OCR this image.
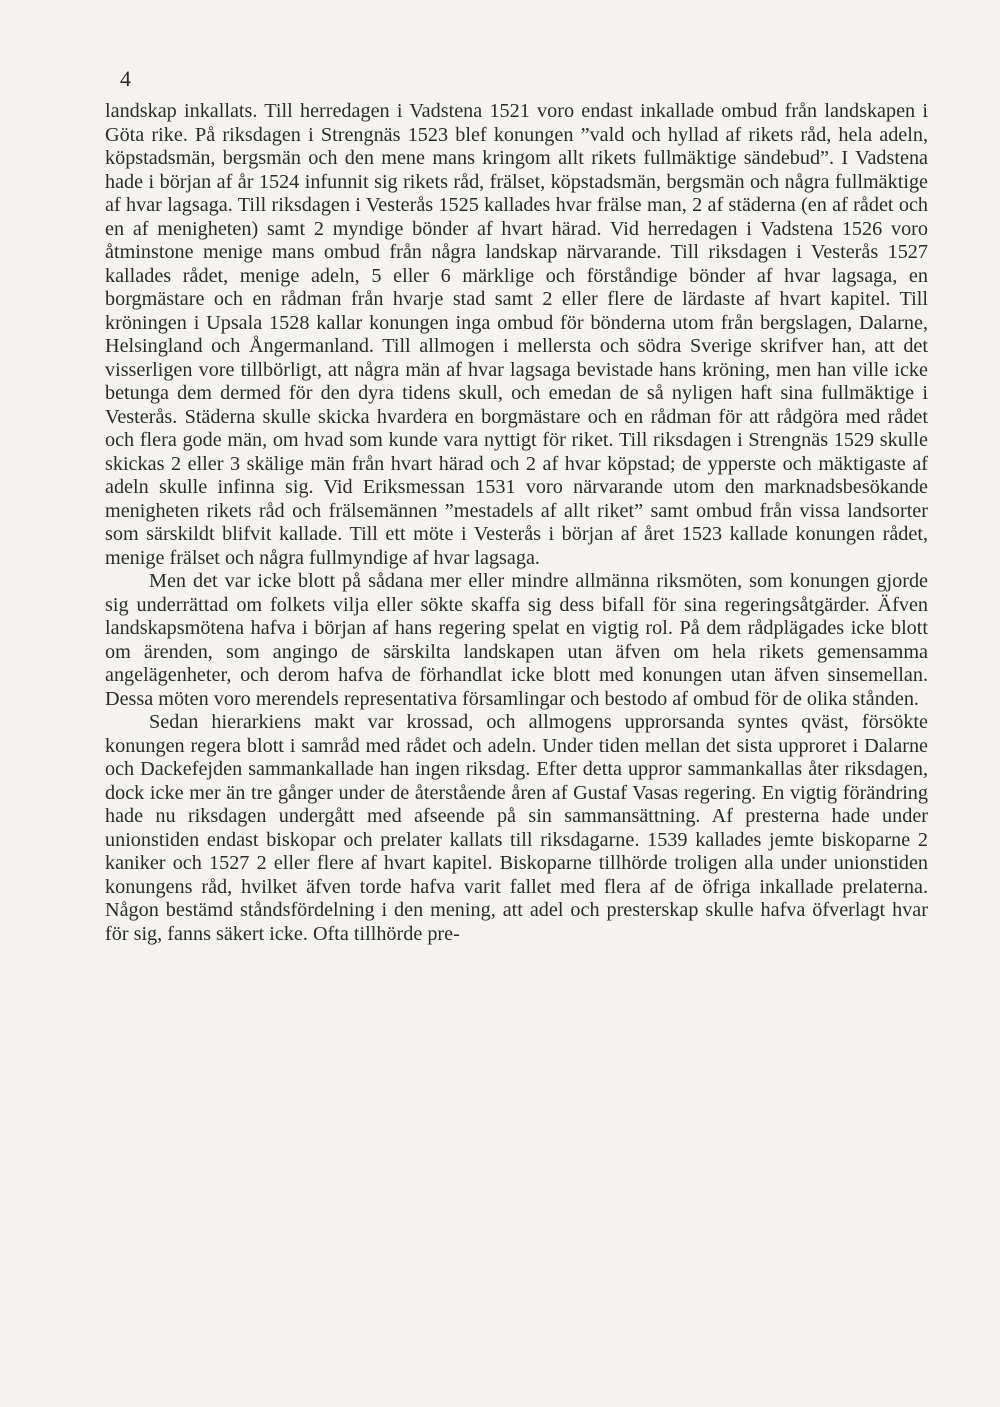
4

landskap inkallats. Till herredagen i Vadstena 1521 voro endast inkallade ombud från landskapen i Göta rike. På riksdagen i Strengnäs 1523 blef konungen ”vald och hyllad af rikets råd, hela adeln, köpstadsmän, bergsmän och den mene mans kringom allt rikets fullmäktige sändebud”. I Vadstena hade i början af år 1524 infunnit sig rikets råd, frälset, köpstadsmän, bergsmän och några fullmäktige af hvar lagsaga. Till riksdagen i Vesterås 1525 kallades hvar frälse man, 2 af städerna (en af rådet och en af menigheten) samt 2 myndige bönder af hvart härad. Vid herredagen i Vadstena 1526 voro åtminstone menige mans ombud från några landskap närvarande. Till riksdagen i Vesterås 1527 kallades rådet, menige adeln, 5 eller 6 märklige och förståndige bönder af hvar lagsaga, en borgmästare och en rådman från hvarje stad samt 2 eller flere de lärdaste af hvart kapitel. Till kröningen i Upsala 1528 kallar konungen inga ombud för bönderna utom från bergslagen, Dalarne, Helsingland och Ångermanland. Till allmogen i mellersta och södra Sverige skrifver han, att det visserligen vore tillbörligt, att några män af hvar lagsaga bevistade hans kröning, men han ville icke betunga dem dermed för den dyra tidens skull, och emedan de så nyligen haft sina fullmäktige i Vesterås. Städerna skulle skicka hvardera en borgmästare och en rådman för att rådgöra med rådet och flera gode män, om hvad som kunde vara nyttigt för riket. Till riksdagen i Strengnäs 1529 skulle skickas 2 eller 3 skälige män från hvart härad och 2 af hvar köpstad; de ypperste och mäktigaste af adeln skulle infinna sig. Vid Eriksmessan 1531 voro närvarande utom den marknadsbesökande menigheten rikets råd och frälsemännen ”mestadels af allt riket” samt ombud från vissa landsorter som särskildt blifvit kallade. Till ett möte i Vesterås i början af året 1523 kallade konungen rådet, menige frälset och några fullmyndige af hvar lagsaga.

Men det var icke blott på sådana mer eller mindre allmänna riksmöten, som konungen gjorde sig underrättad om folkets vilja eller sökte skaffa sig dess bifall för sina regeringsåtgärder. Äfven landskapsmötena hafva i början af hans regering spelat en vigtig rol. På dem rådplägades icke blott om ärenden, som angingo de särskilta landskapen utan äfven om hela rikets gemensamma angelägenheter, och derom hafva de förhandlat icke blott med konungen utan äfven sinsemellan. Dessa möten voro merendels representativa församlingar och bestodo af ombud för de olika stånden.

Sedan hierarkiens makt var krossad, och allmogens upprorsanda syntes qväst, försökte konungen regera blott i samråd med rådet och adeln. Under tiden mellan det sista upproret i Dalarne och Dackefejden sammankallade han ingen riksdag. Efter detta uppror sammankallas åter riksdagen, dock icke mer än tre gånger under de återstående åren af Gustaf Vasas regering. En vigtig förändring hade nu riksdagen undergått med afseende på sin sammansättning. Af presterna hade under unionstiden endast biskopar och prelater kallats till riksdagarne. 1539 kallades jemte biskoparne 2 kaniker och 1527 2 eller flere af hvart kapitel. Biskoparne tillhörde troligen alla under unionstiden konungens råd, hvilket äfven torde hafva varit fallet med flera af de öfriga inkallade prelaterna. Någon bestämd ståndsfördelning i den mening, att adel och presterskap skulle hafva öfverlagt hvar för sig, fanns säkert icke. Ofta tillhörde pre-
